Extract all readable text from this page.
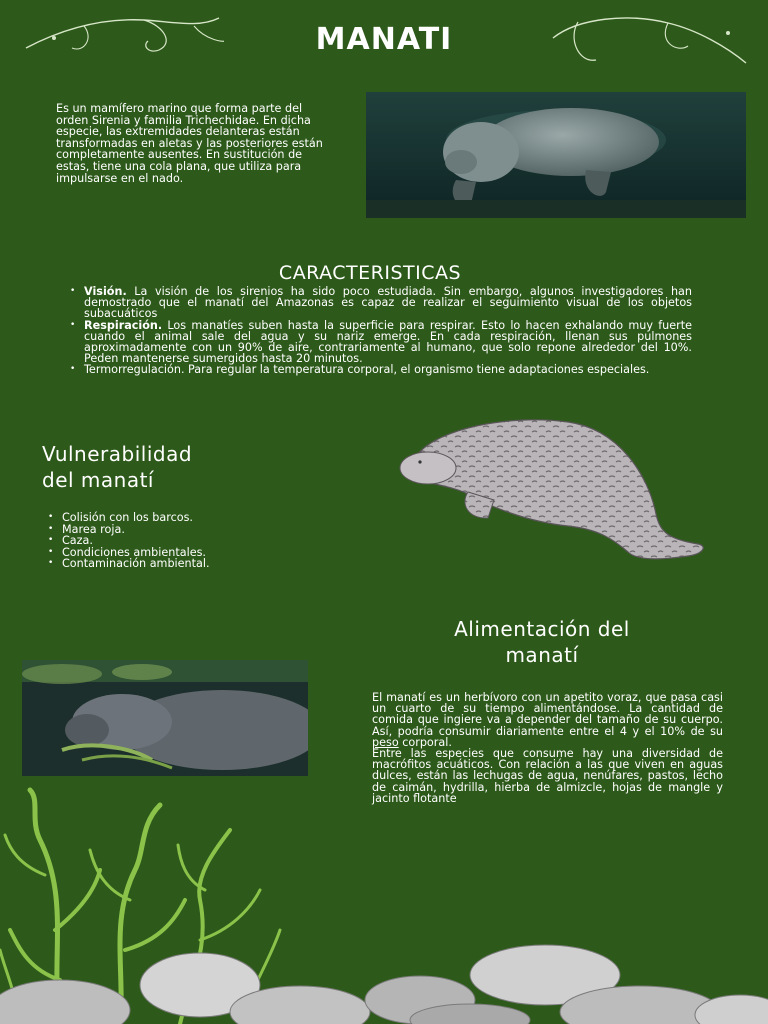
MANATI
Es un mamífero marino que forma parte del orden Sirenia y familia Trichechidae. En dicha especie, las extremidades delanteras están transformadas en aletas y las posteriores están completamente ausentes. En sustitución de estas, tiene una cola plana, que utiliza para impulsarse en el nado.
CARACTERISTICAS
• Visión. La visión de los sirenios ha sido poco estudiada. Sin embargo, algunos investigadores han demostrado que el manatí del Amazonas es capaz de realizar el seguimiento visual de los objetos subacuáticos
• Respiración. Los manatíes suben hasta la superficie para respirar. Esto lo hacen exhalando muy fuerte cuando el animal sale del agua y su nariz emerge. En cada respiración, llenan sus pulmones aproximadamente con un 90% de aire, contrariamente al humano, que solo repone alrededor del 10%. Peden mantenerse sumergidos hasta 20 minutos.
• Termorregulación. Para regular la temperatura corporal, el organismo tiene adaptaciones especiales.
Vulnerabilidad
del manatí
• Colisión con los barcos.
• Marea roja.
• Caza.
• Condiciones ambientales.
• Contaminación ambiental.
Alimentación del
manatí
El manatí es un herbívoro con un apetito voraz, que pasa casi un cuarto de su tiempo alimentándose. La cantidad de comida que ingiere va a depender del tamaño de su cuerpo. Así, podría consumir diariamente entre el 4 y el 10% de su peso corporal.
Entre las especies que consume hay una diversidad de macrófitos acuáticos. Con relación a las que viven en aguas dulces, están las lechugas de agua, nenúfares, pastos, lecho de caimán, hydrilla, hierba de almizcle, hojas de mangle y jacinto flotante
